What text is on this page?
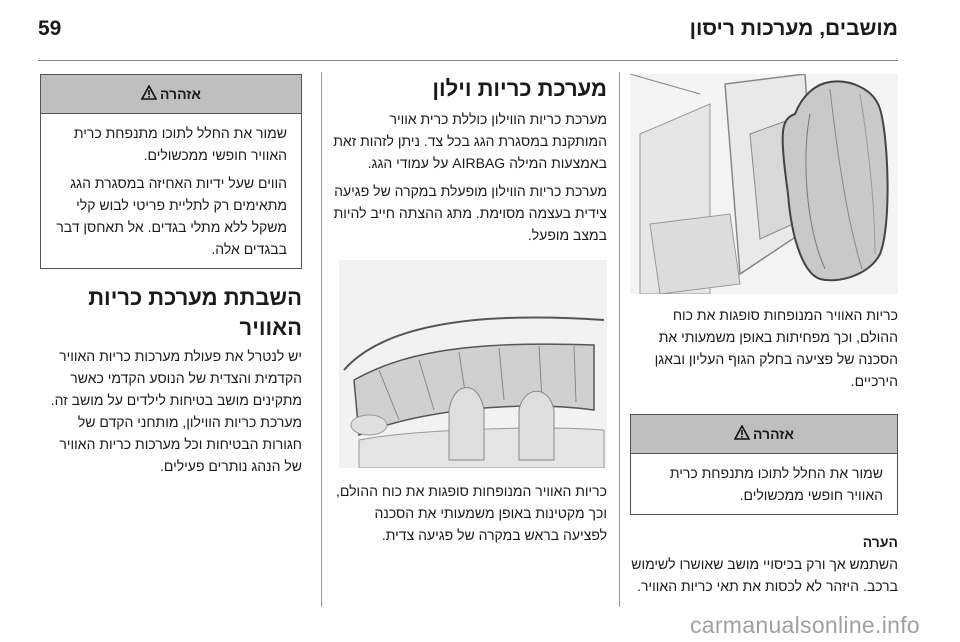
59	מושבים, מערכות ריסון

כריות האוויר המנופחות סופגות את כוח ההולם, וכך מפחיתות באופן משמעותי את הסכנה של פציעה בחלק הגוף העליון ובאגן הירכיים.

אזהרה

שמור את החלל לתוכו מתנפחת כרית האוויר חופשי ממכשולים.

הערה

השתמש אך ורק בכיסויי מושב שאושרו לשימוש ברכב. היזהר לא לכסות את תאי כריות האוויר.

מערכת כריות וילון

מערכת כריות הווילון כוללת כרית אוויר המותקנת במסגרת הגג בכל צד. ניתן לזהות זאת באמצעות המילה AIRBAG על עמודי הגג.

מערכת כריות הווילון מופעלת במקרה של פגיעה צידית בעצמה מסוימת. מתג ההצתה חייב להיות במצב מופעל.

כריות האוויר המנופחות סופגות את כוח ההולם, וכך מקטינות באופן משמעותי את הסכנה לפציעה בראש במקרה של פגיעה צדית.

אזהרה

שמור את החלל לתוכו מתנפחת כרית האוויר חופשי ממכשולים.

הווים שעל ידיות האחיזה במסגרת הגג מתאימים רק לתליית פריטי לבוש קלי משקל ללא מתלי בגדים. אל תאחסן דבר בבגדים אלה.

השבתת מערכת כריות האוויר

יש לנטרל את פעולת מערכות כריות האוויר הקדמית והצדית של הנוסע הקדמי כאשר מתקינים מושב בטיחות לילדים על מושב זה. מערכת כריות הווילון, מותחני הקדם של חגורות הבטיחות וכל מערכות כריות האוויר של הנהג נותרים פעילים.

carmanualsonline.info
